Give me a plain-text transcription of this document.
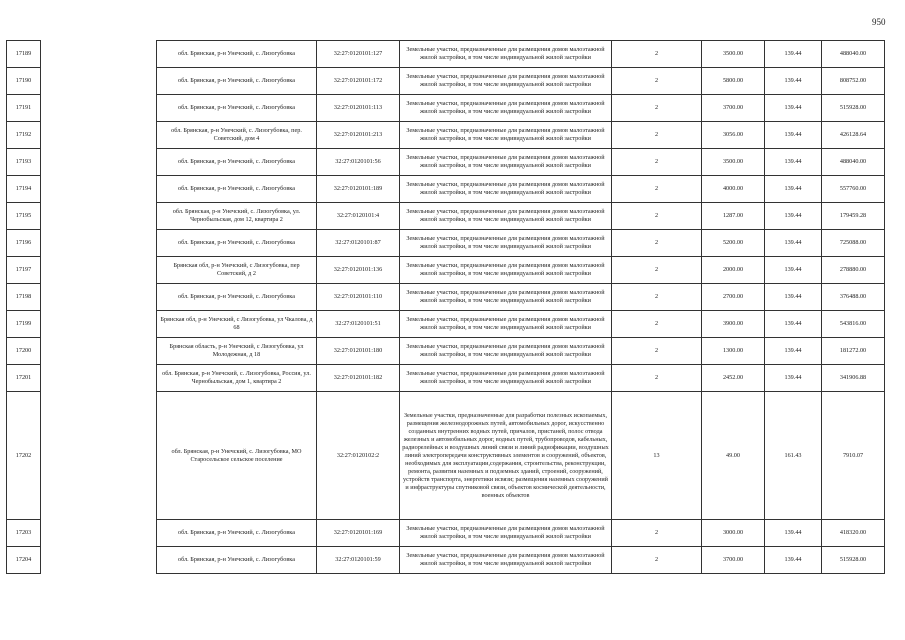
950
17189		обл. Брянская, р-н Унечский, с. Лизогубовка	32:27:0120101:127	Земельные участки, предназначенные для размещения домов малоэтажной жилой застройки, в том числе индивидуальной жилой застройки	2	3500.00	139.44	488040.00
17190		обл. Брянская, р-н Унечский, с. Лизогубовка	32:27:0120101:172	Земельные участки, предназначенные для размещения домов малоэтажной жилой застройки, в том числе индивидуальной жилой застройки	2	5800.00	139.44	808752.00
17191		обл. Брянская, р-н Унечский, с. Лизогубовка	32:27:0120101:113	Земельные участки, предназначенные для размещения домов малоэтажной жилой застройки, в том числе индивидуальной жилой застройки	2	3700.00	139.44	515928.00
17192		обл. Брянская, р-н Унечский, с. Лизогубовка, пер. Советский, дом 4	32:27:0120101:213	Земельные участки, предназначенные для размещения домов малоэтажной жилой застройки, в том числе индивидуальной жилой застройки	2	3056.00	139.44	426128.64
17193		обл. Брянская, р-н Унечский, с. Лизогубовка	32:27:0120101:56	Земельные участки, предназначенные для размещения домов малоэтажной жилой застройки, в том числе индивидуальной жилой застройки	2	3500.00	139.44	488040.00
17194		обл. Брянская, р-н Унечский, с. Лизогубовка	32:27:0120101:189	Земельные участки, предназначенные для размещения домов малоэтажной жилой застройки, в том числе индивидуальной жилой застройки	2	4000.00	139.44	557760.00
17195		обл. Брянская, р-н Унечский, с. Лизогубовка, ул. Чернобыльская, дом 12, квартира 2	32:27:0120101:4	Земельные участки, предназначенные для размещения домов малоэтажной жилой застройки, в том числе индивидуальной жилой застройки	2	1287.00	139.44	179459.28
17196		обл. Брянская, р-н Унечский, с. Лизогубовка	32:27:0120101:87	Земельные участки, предназначенные для размещения домов малоэтажной жилой застройки, в том числе индивидуальной жилой застройки	2	5200.00	139.44	725088.00
17197		Брянская обл, р-н Унечский, с Лизогубовка, пер Советский, д 2	32:27:0120101:136	Земельные участки, предназначенные для размещения домов малоэтажной жилой застройки, в том числе индивидуальной жилой застройки	2	2000.00	139.44	278880.00
17198		обл. Брянская, р-н Унечский, с. Лизогубовка	32:27:0120101:110	Земельные участки, предназначенные для размещения домов малоэтажной жилой застройки, в том числе индивидуальной жилой застройки	2	2700.00	139.44	376488.00
17199		Брянская обл, р-н Унечский, с Лизогубовка, ул Чкалова, д 68	32:27:0120101:51	Земельные участки, предназначенные для размещения домов малоэтажной жилой застройки, в том числе индивидуальной жилой застройки	2	3900.00	139.44	543816.00
17200		Брянская область, р-н Унечский, с Лизогубовка, ул Молодежная, д 18	32:27:0120101:180	Земельные участки, предназначенные для размещения домов малоэтажной жилой застройки, в том числе индивидуальной жилой застройки	2	1300.00	139.44	181272.00
17201		обл. Брянская, р-н Унечский, с. Лизогубовка, Россия, ул. Чернобыльская, дом 1, квартира 2	32:27:0120101:182	Земельные участки, предназначенные для размещения домов малоэтажной жилой застройки, в том числе индивидуальной жилой застройки	2	2452.00	139.44	341906.88
17202		обл. Брянская, р-н Унечский, с. Лизогубовка, МО Старосельское сельское поселение	32:27:0120102:2	Земельные участки, предназначенные для разработки полезных ископаемых, размещения железнодорожных путей, автомобильных дорог, искусственно созданных внутренних водных путей, причалов, пристаней, полос отвода железных и автомобильных дорог, водных путей, трубопроводов, кабельных, радиорелейных и воздушных линий связи и линий радиофикации, воздушных линий электропередачи конструктивных элементов и сооружений, объектов, необходимых для эксплуатации,содержания, строительства, реконструкции, ремонта, развития наземных и подземных зданий, строений, сооружений, устройств транспорта, энергетики исвязи; размещения наземных сооружений и инфраструктуры спутниковой связи, объектов космической деятельности, военных объектов	13	49.00	161.43	7910.07
17203		обл. Брянская, р-н Унечский, с. Лизогубовка	32:27:0120101:169	Земельные участки, предназначенные для размещения домов малоэтажной жилой застройки, в том числе индивидуальной жилой застройки	2	3000.00	139.44	418320.00
17204		обл. Брянская, р-н Унечский, с. Лизогубовка	32:27:0120101:59	Земельные участки, предназначенные для размещения домов малоэтажной жилой застройки, в том числе индивидуальной жилой застройки	2	3700.00	139.44	515928.00
